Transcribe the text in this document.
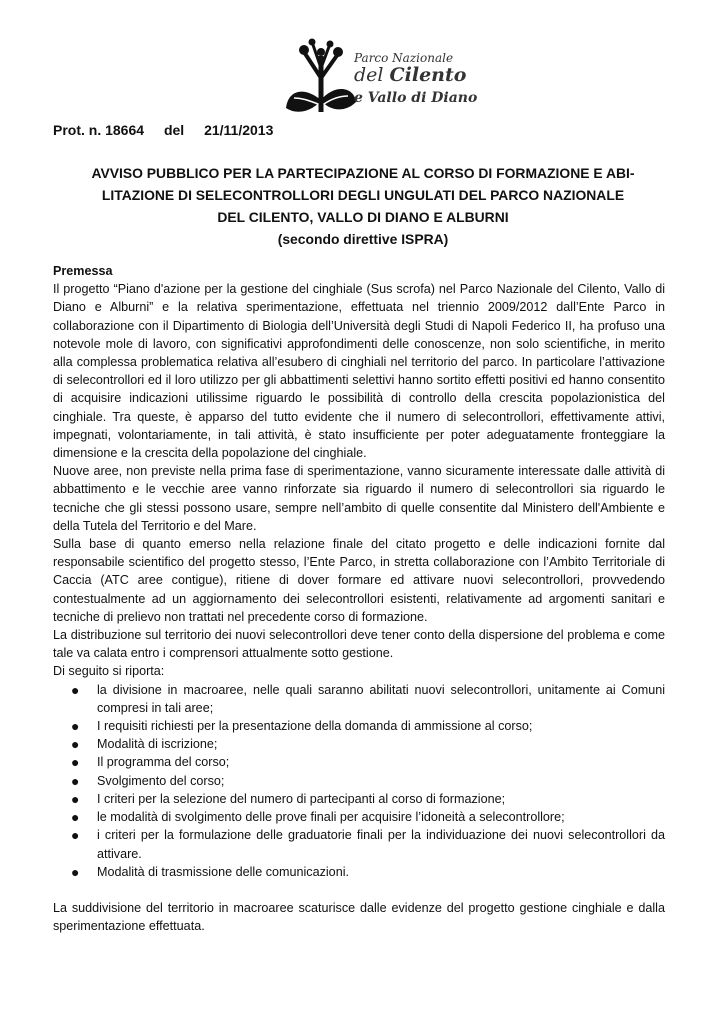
Parco Nazionale
del Cilento
e Vallo di Diano
Prot. n. 18664 del 21/11/2013
AVVISO PUBBLICO PER LA PARTECIPAZIONE AL CORSO DI FORMAZIONE E ABI-
LITAZIONE DI SELECONTROLLORI DEGLI UNGULATI DEL PARCO NAZIONALE
DEL CILENTO, VALLO DI DIANO E ALBURNI
(secondo direttive ISPRA)
Premessa

Il progetto “Piano d'azione per la gestione del cinghiale (Sus scrofa) nel Parco Nazionale del Cilento, Vallo di Diano e Alburni” e la relativa sperimentazione, effettuata nel triennio 2009/2012 dall’Ente Parco in collaborazione con il Dipartimento di Biologia dell’Università degli Studi di Napoli Federico II, ha profuso una notevole mole di lavoro, con significativi approfondimenti delle conoscenze, non solo scientifiche, in merito alla complessa problematica relativa all’esubero di cinghiali nel territorio del parco. In particolare l’attivazione di selecontrollori ed il loro utilizzo per gli abbattimenti selettivi hanno sortito effetti positivi ed hanno consentito di acquisire indicazioni utilissime riguardo le possibilità di controllo della crescita popolazionistica del cinghiale. Tra queste, è apparso del tutto evidente che il numero di selecontrollori, effettivamente attivi, impegnati, volontariamente, in tali attività, è stato insufficiente per poter adeguatamente fronteggiare la dimensione e la crescita della popolazione del cinghiale.

Nuove aree, non previste nella prima fase di sperimentazione, vanno sicuramente interessate dalle attività di abbattimento e le vecchie aree vanno rinforzate sia riguardo il numero di selecontrollori sia riguardo le tecniche che gli stessi possono usare, sempre nell’ambito di quelle consentite dal Ministero dell'Ambiente e della Tutela del Territorio e del Mare.

Sulla base di quanto emerso nella relazione finale del citato progetto e delle indicazioni fornite dal responsabile scientifico del progetto stesso, l’Ente Parco, in stretta collaborazione con l’Ambito Territoriale di Caccia (ATC aree contigue), ritiene di dover formare ed attivare nuovi selecontrollori, provvedendo contestualmente ad un aggiornamento dei selecontrollori esistenti, relativamente ad argomenti sanitari e tecniche di prelievo non trattati nel precedente corso di formazione.

La distribuzione sul territorio dei nuovi selecontrollori deve tener conto della dispersione del problema e come tale va calata entro i comprensori attualmente sotto gestione.

Di seguito si riporta:

● la divisione in macroaree, nelle quali saranno abilitati nuovi selecontrollori, unitamente ai Comuni compresi in tali aree;
● I requisiti richiesti per la presentazione della domanda di ammissione al corso;
● Modalità di iscrizione;
● Il programma del corso;
● Svolgimento del corso;
● I criteri per la selezione del numero di partecipanti al corso di formazione;
● le modalità di svolgimento delle prove finali per acquisire l’idoneità a selecontrollore;
● i criteri per la formulazione delle graduatorie finali per la individuazione dei nuovi selecontrollori da attivare.
● Modalità di trasmissione delle comunicazioni.

La suddivisione del territorio in macroaree scaturisce dalle evidenze del progetto gestione cinghiale e dalla sperimentazione effettuata.
